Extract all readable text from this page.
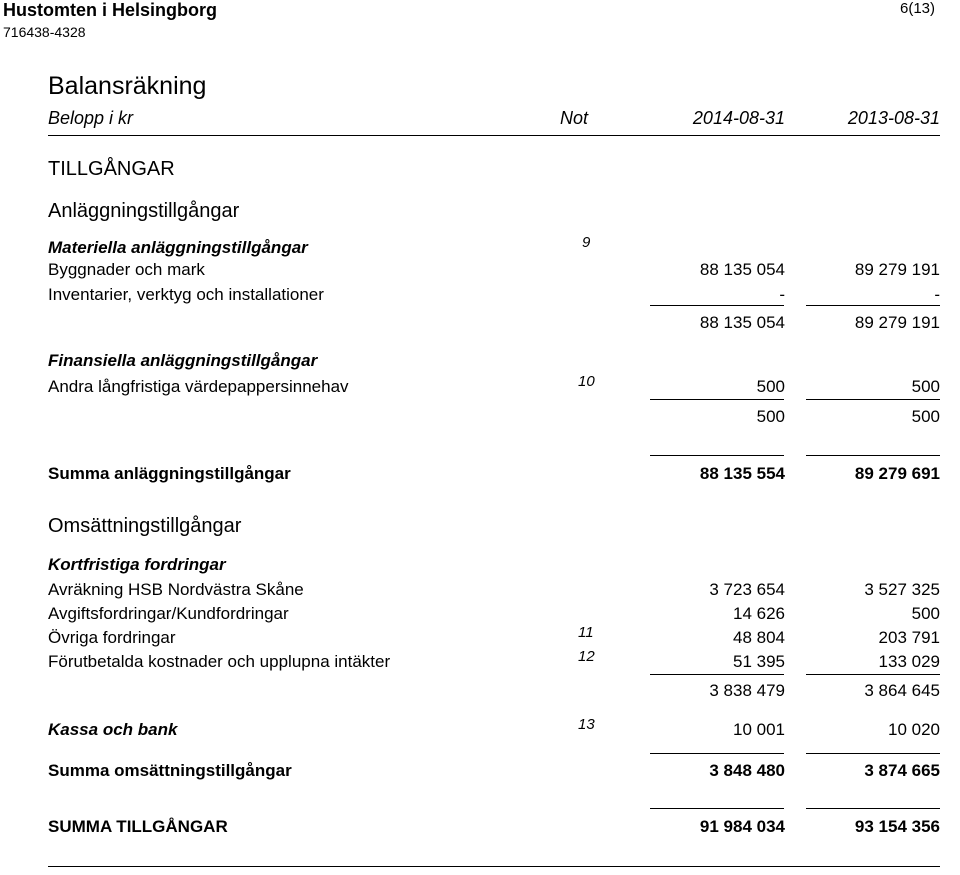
Hustomten i Helsingborg
716438-4328
6(13)
Balansräkning
Belopp i kr	Not	2014-08-31	2013-08-31
TILLGÅNGAR
Anläggningstillgångar
Materiella anläggningstillgångar	9
Byggnader och mark	88 135 054	89 279 191
Inventarier, verktyg och installationer	-	-
88 135 054	89 279 191
Finansiella anläggningstillgångar
Andra långfristiga värdepappersinnehav	10	500	500
500	500
Summa anläggningstillgångar	88 135 554	89 279 691
Omsättningstillgångar
Kortfristiga fordringar
Avräkning HSB Nordvästra Skåne	3 723 654	3 527 325
Avgiftsfordringar/Kundfordringar	14 626	500
Övriga fordringar	11	48 804	203 791
Förutbetalda kostnader och upplupna intäkter	12	51 395	133 029
3 838 479	3 864 645
Kassa och bank	13	10 001	10 020
Summa omsättningstillgångar	3 848 480	3 874 665
SUMMA TILLGÅNGAR	91 984 034	93 154 356
